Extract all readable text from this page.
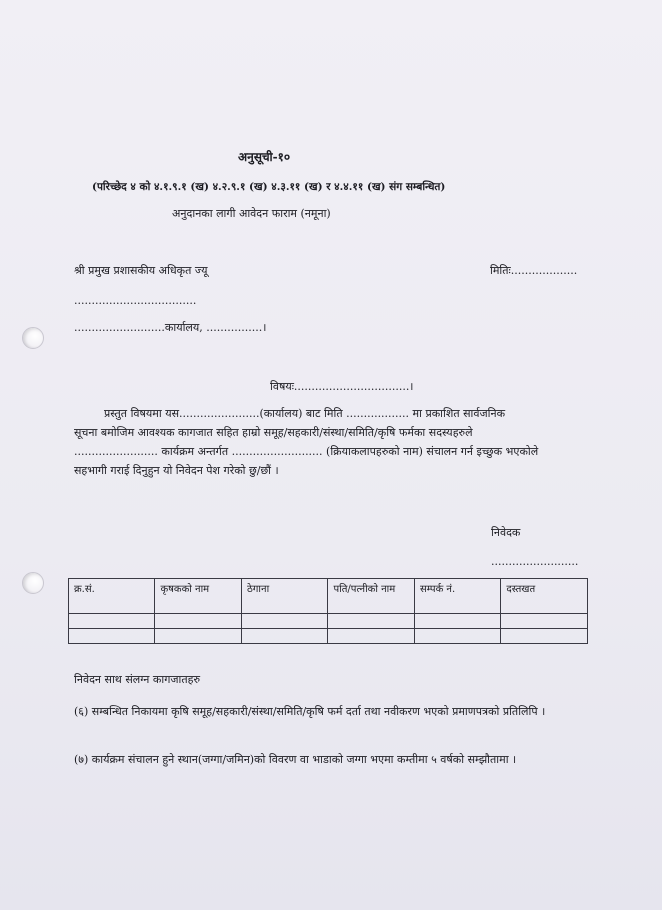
अनुसूची-१०
(परिच्छेद ४ को ४.१.९.१ (ख) ४.२.९.१ (ख) ४.३.११ (ख) र ४.४.११ (ख) संग सम्बन्धित)
अनुदानका लागी आवेदन फाराम (नमूना)
श्री प्रमुख प्रशासकीय अधिकृत ज्यू	मितिः...................
...................................
..........................कार्यालय, ................।
विषयः.................................।

प्रस्तुत विषयमा यस.......................(कार्यालय) बाट मिति .................. मा प्रकाशित सार्वजनिक

सूचना बमोजिम आवश्यक कागजात सहित हाम्रो समूह/सहकारी/संस्था/समिति/कृषि फर्मका सदस्यहरुले

........................ कार्यक्रम अन्तर्गत .......................... (क्रियाकलापहरुको नाम) संचालन गर्न इच्छुक भएकोले

सहभागी गराई दिनुहुन यो निवेदन पेश गरेको छु/छौं ।

निवेदक
.........................
क्र.सं.	कृषकको नाम	ठेगाना	पति/पत्नीको नाम	सम्पर्क नं.	दस्तखत

निवेदन साथ संलग्न कागजातहरु

(६) सम्बन्धित निकायमा कृषि समूह/सहकारी/संस्था/समिति/कृषि फर्म दर्ता तथा नवीकरण भएको प्रमाणपत्रको प्रतिलिपि ।

(७) कार्यक्रम संचालन हुने स्थान(जग्गा/जमिन)को विवरण वा भाडाको जग्गा भएमा कम्तीमा ५ वर्षको सम्झौतामा ।
